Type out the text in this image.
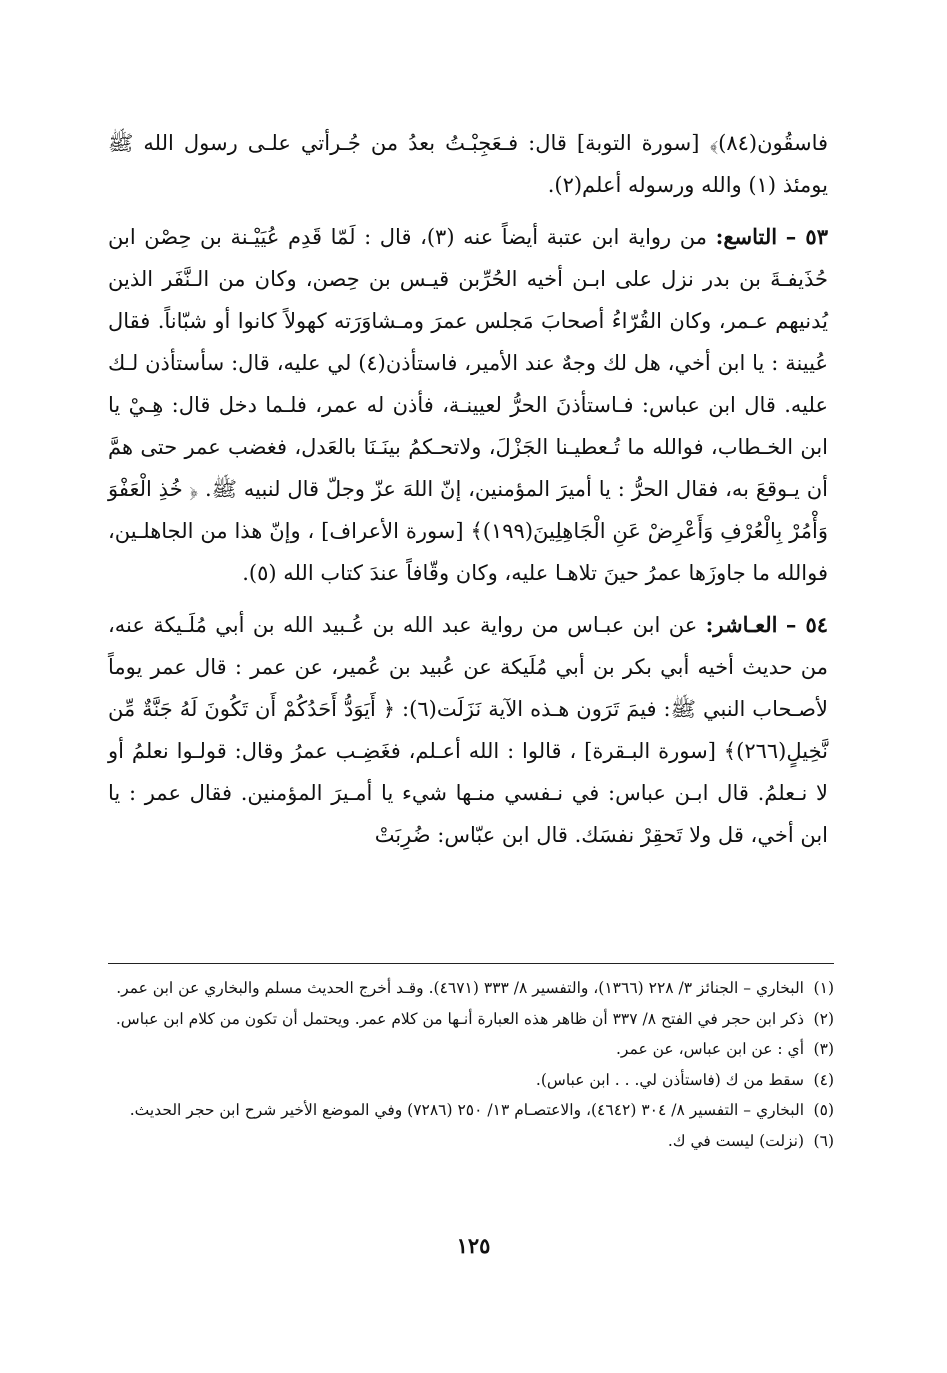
فاسقُون(٨٤)﴾ [سورة التوبة] قال: فـعَجِبْـتُ بعدُ من جُـرأتي علـى رسول الله ﷺ يومئذ (١) والله ورسوله أعلم(٢).

٥٣ – التاسع: من رواية ابن عتبة أيضاً عنه (٣)، قال : لَمّا قَدِم عُيَيْـنة بن حِصْن ابن حُذَيفـةَ بن بدر نزل على ابـن أخيه الحُرِّبن قيـس بن حِصن، وكان من الـنَّفَر الذين يُدنيهم عـمر، وكان القُرّاءُ أصحابَ مَجلس عمرَ ومـشاوَرَته كهولاً كانوا أو شبّاناً. فقال عُيينة : يا ابن أخي، هل لك وجهٌ عند الأمير، فاستأذن(٤) لي عليه، قال: سأستأذن لـك عليه. قال ابن عباس: فـاستأذنَ الحرُّ لعيينـة، فأذن له عمر، فلـما دخل قال: هِـيْ يا ابن الخـطاب، فوالله ما تُـعطيـنا الجَزْلَ، ولاتحـكمُ بينَـنَا بالعَدل، فغضب عمر حتى همَّ أن يـوقعَ به، فقال الحرُّ : يا أميرَ المؤمنين، إنّ اللهَ عزّ وجلّ قال لنبيه ﷺ. ﴿ خُذِ الْعَفْوَ وَأْمُرْ بِالْعُرْفِ وَأَعْرِضْ عَنِ الْجَاهِلِينَ(١٩٩)﴾ [سورة الأعراف] ، وإنّ هذا من الجاهلـين، فوالله ما جاوزَها عمرُ حينَ تلاهـا عليه، وكان وقّافاً عندَ كتاب الله (٥).

٥٤ – العـاشر: عن ابن عبـاس من رواية عبد الله بن عُـبيد الله بن أبي مُلَـيكة عنه، من حديث أخيه أبي بكر بن أبي مُلَيكة عن عُبيد بن عُمير، عن عمر : قال عمر يوماً لأصـحاب النبي ﷺ: فيمَ تَرَون هـذه الآية نَزَلَت(٦): ﴿ أَيَوَدُّ أَحَدُكُمْ أَن تَكُونَ لَهُ جَنَّةٌ مِّن نَّخِيلٍ(٢٦٦)﴾ [سورة البـقرة] ، قالوا : الله أعـلم، فغَضِـب عمرُ وقال: قولـوا نعلمُ أو لا نـعلمُ. قال ابـن عباس: في نـفسي منـها شيء يا أمـيرَ المؤمنين. فقال عمر : يا ابن أخي، قل ولا تَحقِرْ نفسَك. قال ابن عبّاس: ضُرِبَتْ

(١)
البخاري – الجنائز ٣/ ٢٢٨ (١٣٦٦)، والتفسير ٨/ ٣٣٣ (٤٦٧١). وقـد أخرج الحديث مسلم والبخاري عن ابن عمر.

(٢)
ذكر ابن حجر في الفتح ٨/ ٣٣٧ أن ظاهر هذه العبارة أنـها من كلام عمر. ويحتمل أن تكون من كلام ابن عباس.

(٣)
أي : عن ابن عباس، عن عمر.

(٤)
سقط من ك (فاستأذن لي. . . ابن عباس).

(٥)
البخاري – التفسير ٨/ ٣٠٤ (٤٦٤٢)، والاعتصـام ١٣/ ٢٥٠ (٧٢٨٦) وفي الموضع الأخير شرح ابن حجر الحديث.

(٦)
(نزلت) ليست في ك.

١٢٥
